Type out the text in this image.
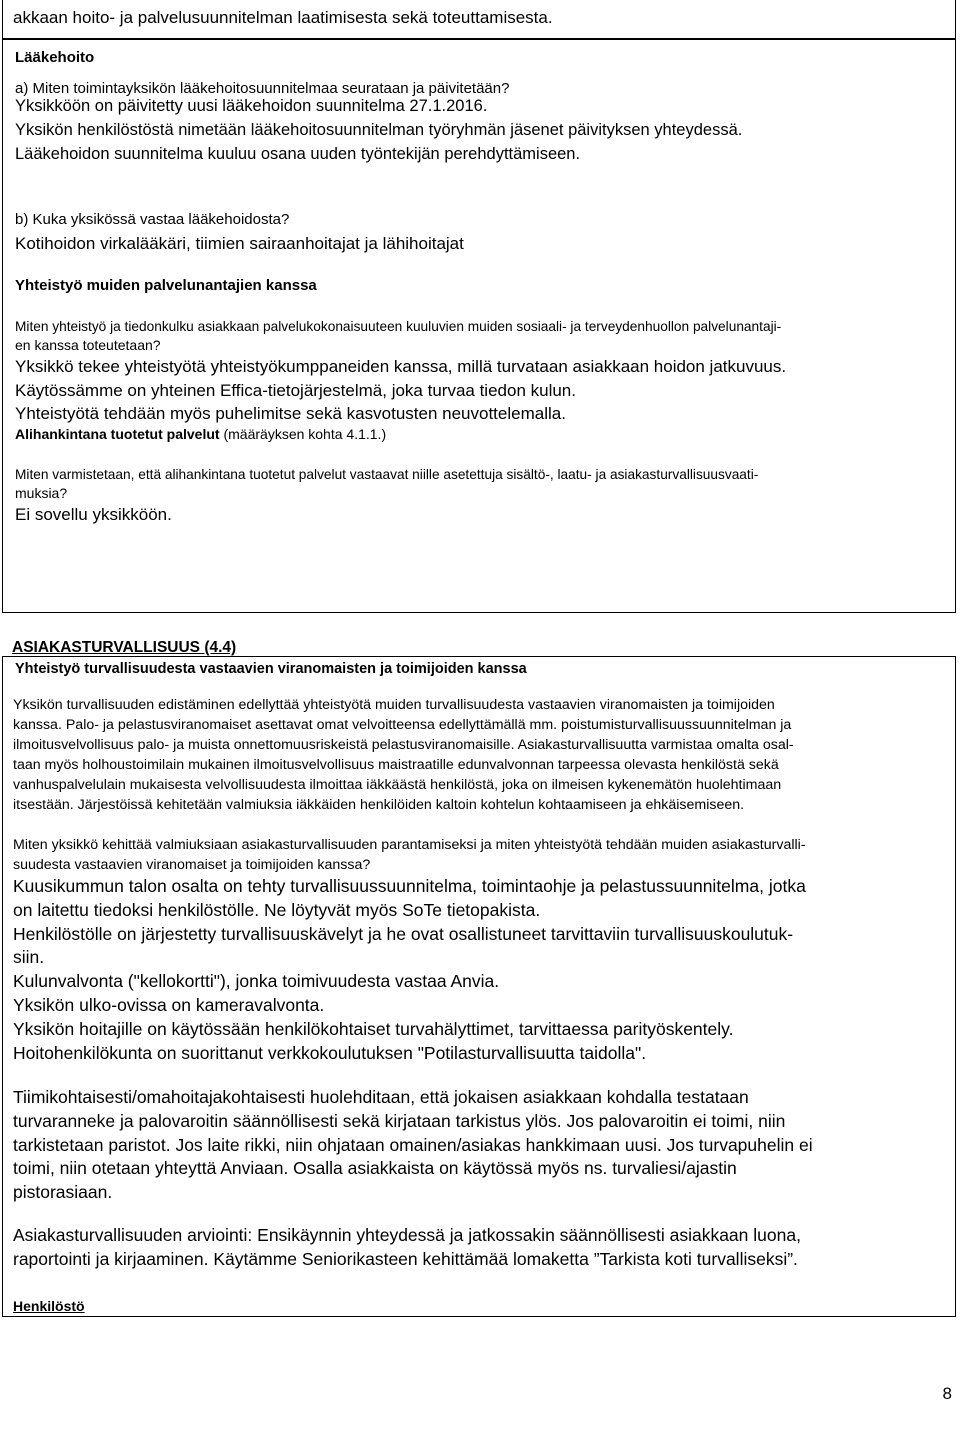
akkaan hoito- ja palvelusuunnitelman laatimisesta sekä toteuttamisesta.

Lääkehoito

a) Miten toimintayksikön lääkehoitosuunnitelmaa seurataan ja päivitetään?

Yksikköön on päivitetty uusi lääkehoidon suunnitelma 27.1.2016.

Yksikön henkilöstöstä nimetään lääkehoitosuunnitelman työryhmän jäsenet päivityksen yhteydessä.

Lääkehoidon suunnitelma kuuluu osana uuden työntekijän perehdyttämiseen.

b) Kuka yksikössä vastaa lääkehoidosta?

Kotihoidon virkalääkäri, tiimien sairaanhoitajat ja lähihoitajat

Yhteistyö muiden palvelunantajien kanssa

Miten yhteistyö ja tiedonkulku asiakkaan palvelukokonaisuuteen kuuluvien muiden sosiaali- ja terveydenhuollon palvelunantaji-

en kanssa toteutetaan?

Yksikkö tekee yhteistyötä yhteistyökumppaneiden kanssa, millä turvataan asiakkaan hoidon jatkuvuus.

Käytössämme on yhteinen Effica-tietojärjestelmä, joka turvaa tiedon kulun.

Yhteistyötä tehdään myös puhelimitse sekä kasvotusten neuvottelemalla.

Alihankintana tuotetut palvelut (määräyksen kohta 4.1.1.)

Miten varmistetaan, että alihankintana tuotetut palvelut vastaavat niille asetettuja sisältö-, laatu- ja asiakasturvallisuusvaati-

muksia?

Ei sovellu yksikköön.

ASIAKASTURVALLISUUS (4.4)

Yhteistyö turvallisuudesta vastaavien viranomaisten ja toimijoiden kanssa

Yksikön turvallisuuden edistäminen edellyttää yhteistyötä muiden turvallisuudesta vastaavien viranomaisten ja toimijoiden
kanssa. Palo- ja pelastusviranomaiset asettavat omat velvoitteensa edellyttämällä mm. poistumisturvallisuussuunnitelman ja
ilmoitusvelvollisuus palo- ja muista onnettomuusriskeistä pelastusviranomaisille. Asiakasturvallisuutta varmistaa omalta osal-
taan myös holhoustoimilain mukainen ilmoitusvelvollisuus maistraatille edunvalvonnan tarpeessa olevasta henkilöstä sekä
vanhuspalvelulain mukaisesta velvollisuudesta ilmoittaa iäkkäästä henkilöstä, joka on ilmeisen kykenemätön huolehtimaan
itsestään. Järjestöissä kehitetään valmiuksia iäkkäiden henkilöiden kaltoin kohtelun kohtaamiseen ja ehkäisemiseen.
Miten yksikkö kehittää valmiuksiaan asiakasturvallisuuden parantamiseksi ja miten yhteistyötä tehdään muiden asiakasturvalli-
suudesta vastaavien viranomaiset ja toimijoiden kanssa?
Kuusikummun talon osalta on tehty turvallisuussuunnitelma, toimintaohje ja pelastussuunnitelma, jotka
on laitettu tiedoksi henkilöstölle. Ne löytyvät myös SoTe tietopakista.
Henkilöstölle on järjestetty turvallisuuskävelyt ja he ovat osallistuneet tarvittaviin turvallisuuskoulutuk-
siin.
Kulunvalvonta ("kellokortti"), jonka toimivuudesta vastaa Anvia.
Yksikön ulko-ovissa on kameravalvonta.
Yksikön hoitajille on käytössään henkilökohtaiset turvahälyttimet, tarvittaessa parityöskentely.
Hoitohenkilökunta on suorittanut verkkokoulutuksen "Potilasturvallisuutta taidolla".
Tiimikohtaisesti/omahoitajakohtaisesti huolehditaan, että jokaisen asiakkaan kohdalla testataan
turvaranneke ja palovaroitin säännöllisesti sekä kirjataan tarkistus ylös. Jos palovaroitin ei toimi, niin
tarkistetaan paristot. Jos laite rikki, niin ohjataan omainen/asiakas hankkimaan uusi. Jos turvapuhelin ei
toimi, niin otetaan yhteyttä Anviaan. Osalla asiakkaista on käytössä myös ns. turvaliesi/ajastin
pistorasiaan.
Asiakasturvallisuuden arviointi: Ensikäynnin yhteydessä ja jatkossakin säännöllisesti asiakkaan luona,
raportointi ja kirjaaminen. Käytämme Seniorikasteen kehittämää lomaketta ”Tarkista koti turvalliseksi”.

Henkilöstö

8
